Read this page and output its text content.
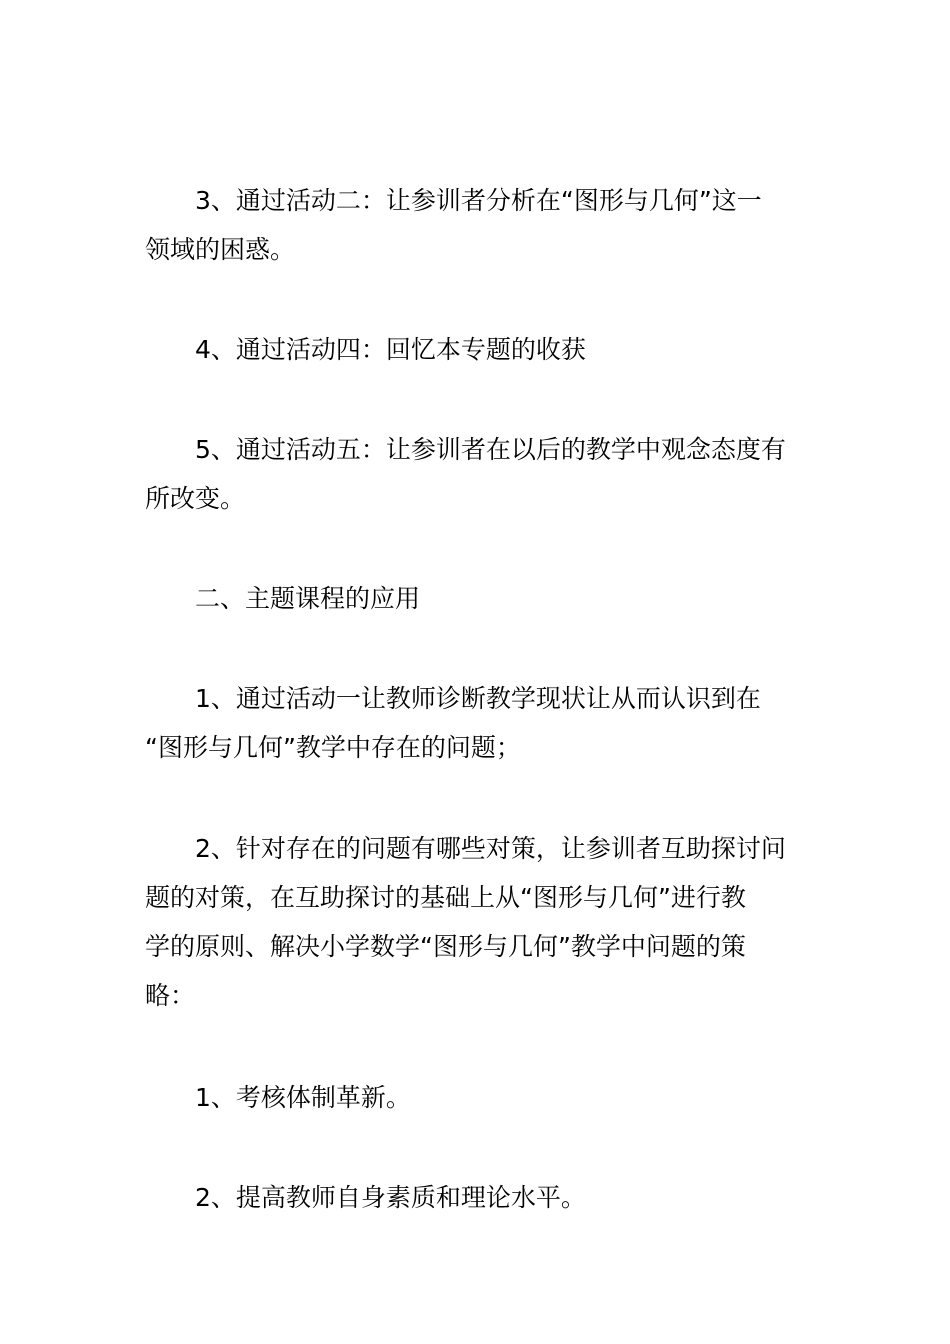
3、通过活动二：让参训者分析在“图形与几何”这一
领域的困惑。
4、通过活动四：回忆本专题的收获
5、通过活动五：让参训者在以后的教学中观念态度有
所改变。
二、主题课程的应用
1、通过活动一让教师诊断教学现状让从而认识到在
“图形与几何”教学中存在的问题；
2、针对存在的问题有哪些对策，让参训者互助探讨问
题的对策，在互助探讨的基础上从“图形与几何”进行教
学的原则、解决小学数学“图形与几何”教学中问题的策
略：
1、考核体制革新。
2、提高教师自身素质和理论水平。
